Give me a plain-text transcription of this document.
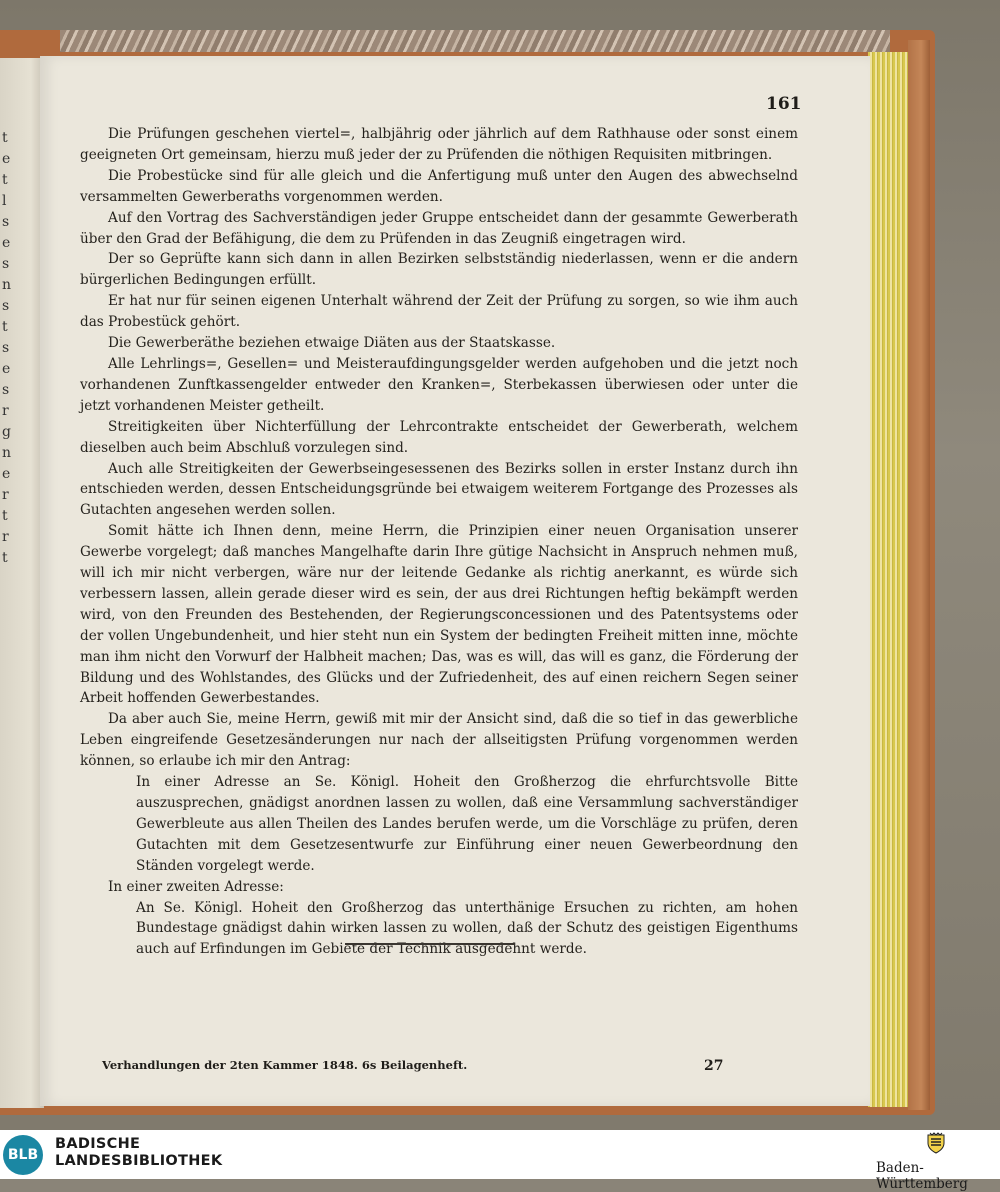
t
e
t
l
s
e
s
n
s
t
s
e
s
r
g
n
e
r
t
r
t
161

Die Prüfungen geschehen viertel=, halbjährig oder jährlich auf dem Rathhause oder sonst einem geeigneten Ort gemeinsam, hierzu muß jeder der zu Prüfenden die nöthigen Requisiten mitbringen.

Die Probestücke sind für alle gleich und die Anfertigung muß unter den Augen des abwechselnd versammelten Gewerberaths vorgenommen werden.

Auf den Vortrag des Sachverständigen jeder Gruppe entscheidet dann der gesammte Gewerberath über den Grad der Befähigung, die dem zu Prüfenden in das Zeugniß eingetragen wird.

Der so Geprüfte kann sich dann in allen Bezirken selbstständig niederlassen, wenn er die andern bürgerlichen Bedingungen erfüllt.

Er hat nur für seinen eigenen Unterhalt während der Zeit der Prüfung zu sorgen, so wie ihm auch das Probestück gehört.

Die Gewerberäthe beziehen etwaige Diäten aus der Staatskasse.

Alle Lehrlings=, Gesellen= und Meisteraufdingungsgelder werden aufgehoben und die jetzt noch vorhandenen Zunftkassengelder entweder den Kranken=, Sterbekassen überwiesen oder unter die jetzt vorhandenen Meister getheilt.

Streitigkeiten über Nichterfüllung der Lehrcontrakte entscheidet der Gewerberath, welchem dieselben auch beim Abschluß vorzulegen sind.

Auch alle Streitigkeiten der Gewerbseingesessenen des Bezirks sollen in erster Instanz durch ihn entschieden werden, dessen Entscheidungsgründe bei etwaigem weiterem Fortgange des Prozesses als Gutachten angesehen werden sollen.

Somit hätte ich Ihnen denn, meine Herrn, die Prinzipien einer neuen Organisation unserer Gewerbe vorgelegt; daß manches Mangelhafte darin Ihre gütige Nachsicht in Anspruch nehmen muß, will ich mir nicht verbergen, wäre nur der leitende Gedanke als richtig anerkannt, es würde sich verbessern lassen, allein gerade dieser wird es sein, der aus drei Richtungen heftig bekämpft werden wird, von den Freunden des Bestehenden, der Regierungsconcessionen und des Patentsystems oder der vollen Ungebundenheit, und hier steht nun ein System der bedingten Freiheit mitten inne, möchte man ihm nicht den Vorwurf der Halbheit machen; Das, was es will, das will es ganz, die Förderung der Bildung und des Wohlstandes, des Glücks und der Zufriedenheit, des auf einen reichern Segen seiner Arbeit hoffenden Gewerbestandes.

Da aber auch Sie, meine Herrn, gewiß mit mir der Ansicht sind, daß die so tief in das gewerbliche Leben eingreifende Gesetzesänderungen nur nach der allseitigsten Prüfung vorgenommen werden können, so erlaube ich mir den Antrag:

In einer Adresse an Se. Königl. Hoheit den Großherzog die ehrfurchtsvolle Bitte auszusprechen, gnädigst anordnen lassen zu wollen, daß eine Versammlung sachverständiger Gewerbleute aus allen Theilen des Landes berufen werde, um die Vorschläge zu prüfen, deren Gutachten mit dem Gesetzesentwurfe zur Einführung einer neuen Gewerbeordnung den Ständen vorgelegt werde.

In einer zweiten Adresse:

An Se. Königl. Hoheit den Großherzog das unterthänige Ersuchen zu richten, am hohen Bundestage gnädigst dahin wirken lassen zu wollen, daß der Schutz des geistigen Eigenthums auch auf Erfindungen im Gebiete der Technik ausgedehnt werde.

Verhandlungen der 2ten Kammer 1848. 6s Beilagenheft.	27
BLB
BADISCHE
LANDESBIBLIOTHEK	Baden-Württemberg
